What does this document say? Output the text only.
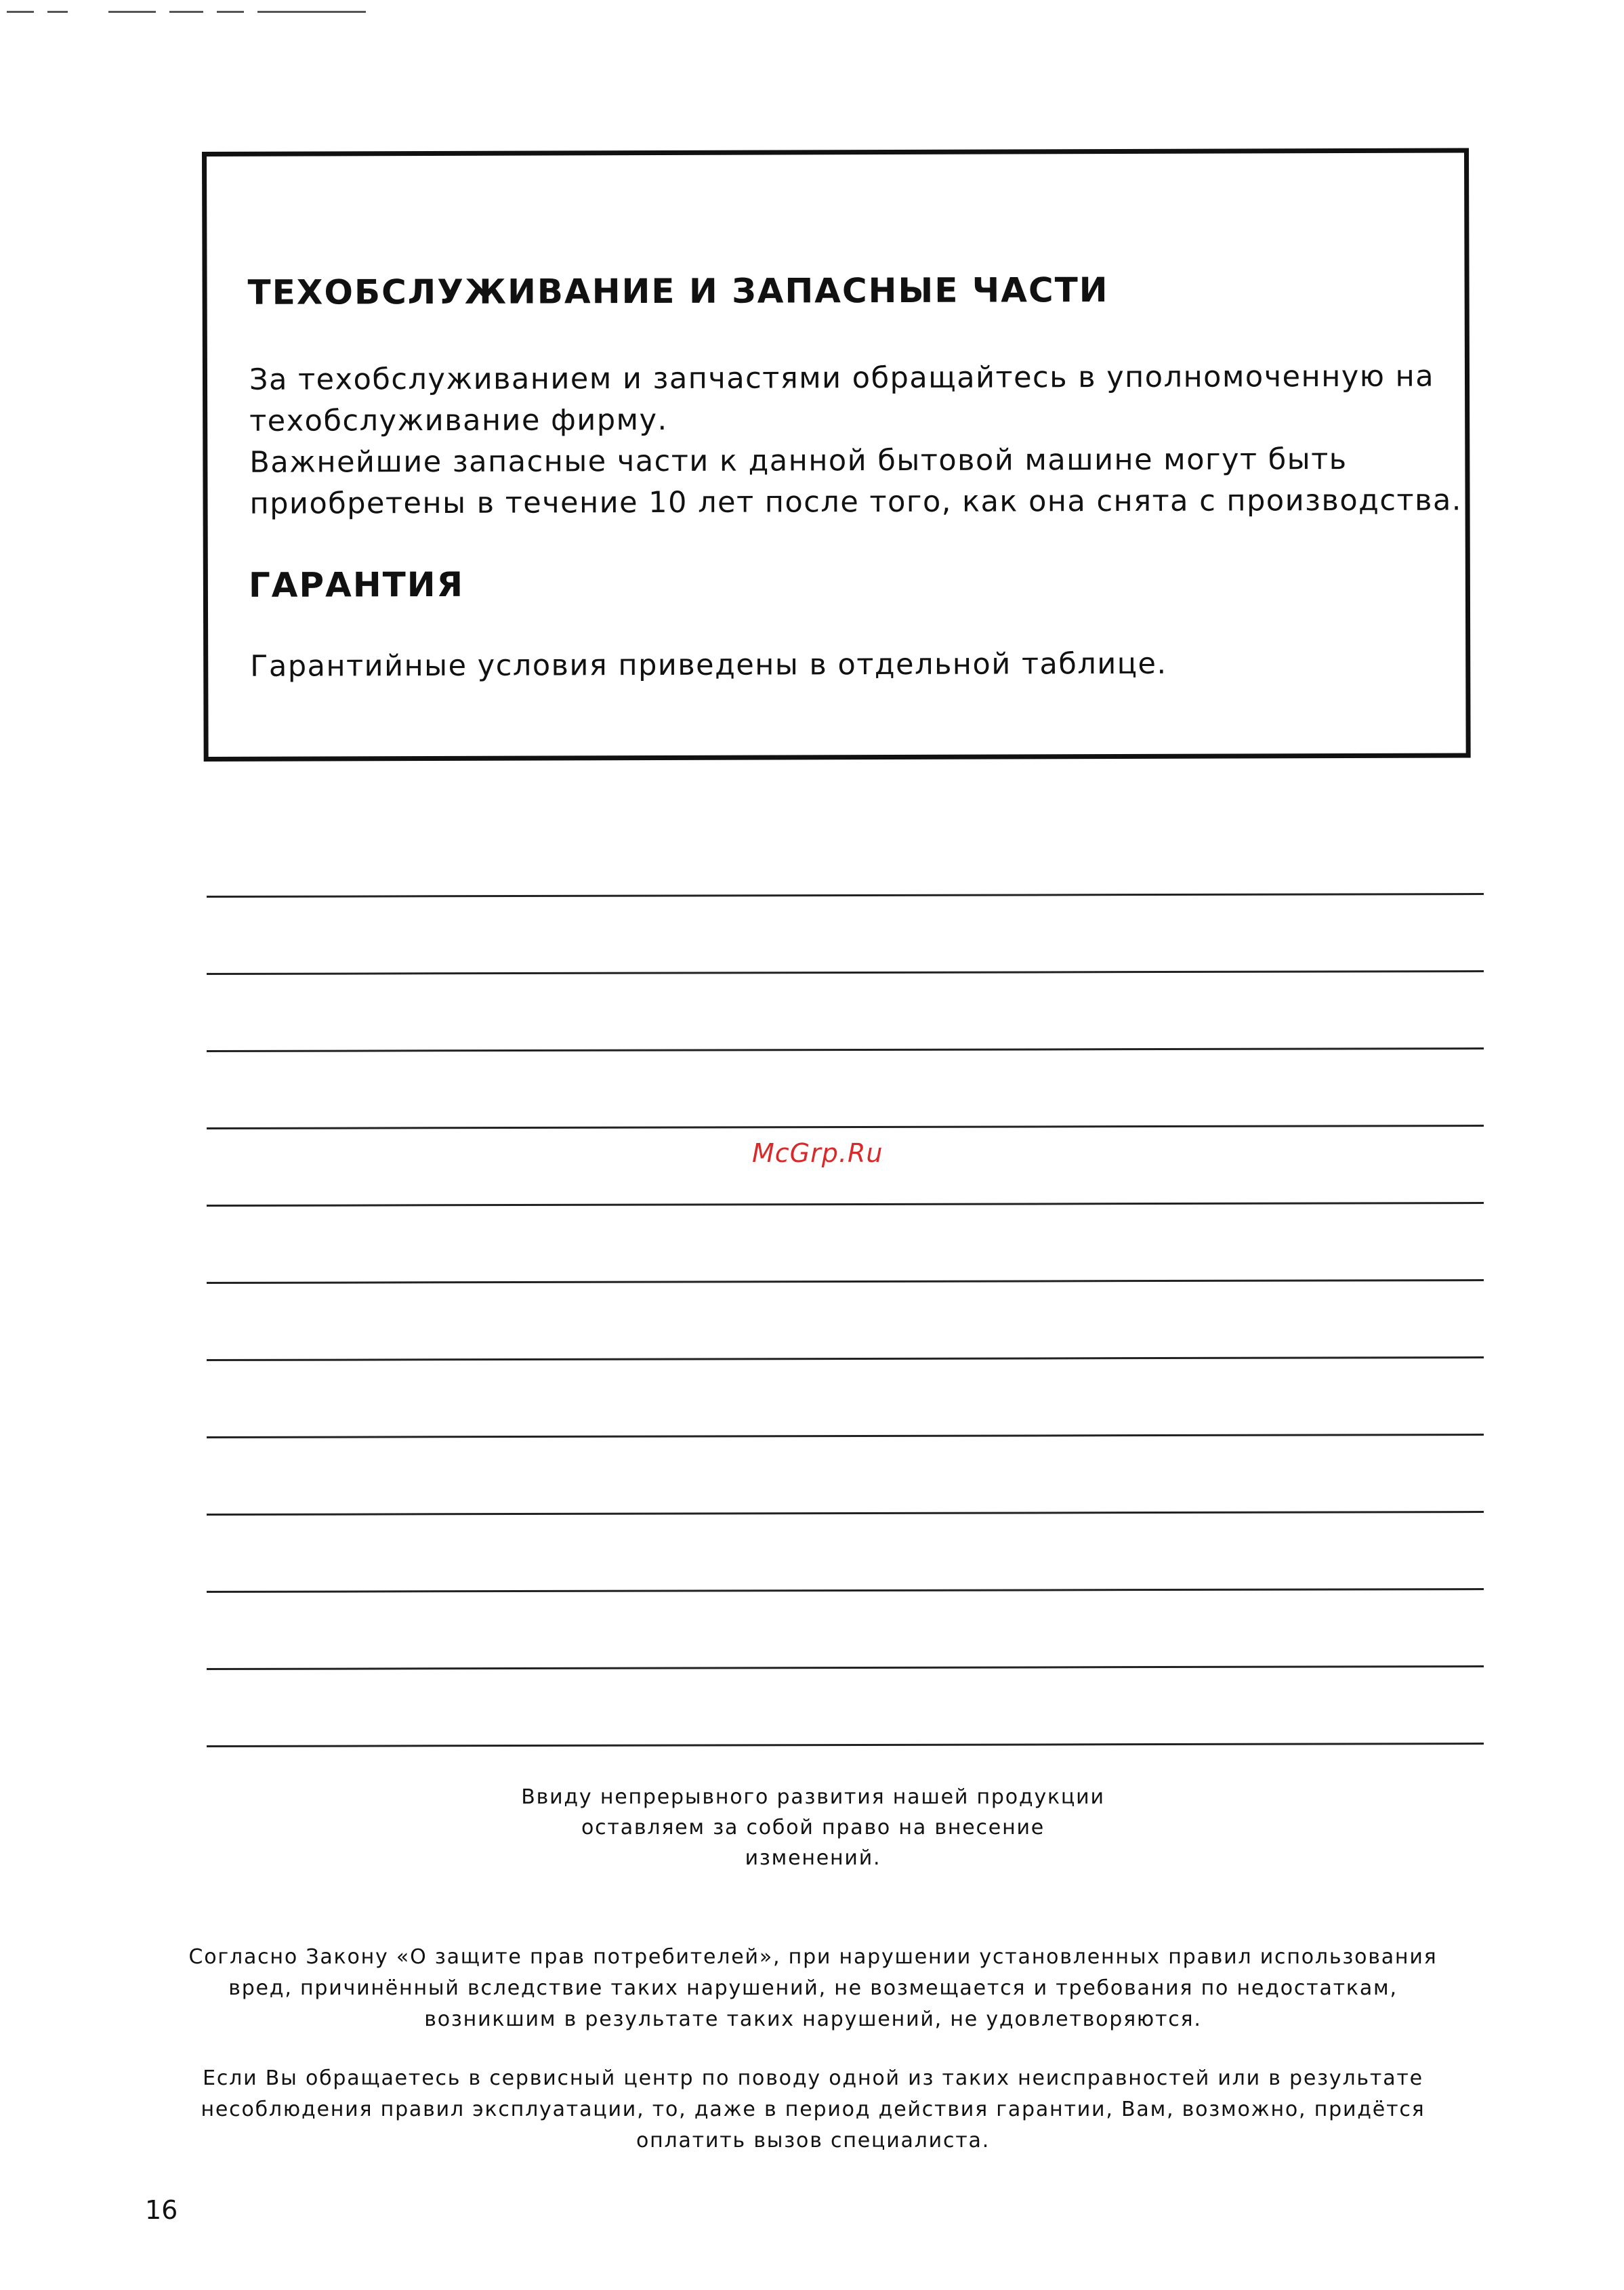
ТЕХОБСЛУЖИВАНИЕ И ЗАПАСНЫЕ ЧАСТИ

За техобслуживанием и запчастями обращайтесь в уполномоченную на
техобслуживание фирму.
Важнейшие запасные части к данной бытовой машине могут быть
приобретены в течение 10 лет после того, как она снята с производства.

ГАРАНТИЯ

Гарантийные условия приведены в отдельной таблице.

McGrp.Ru

Ввиду непрерывного развития нашей продукции
оставляем за собой право на внесение
изменений.

Согласно Закону «О защите прав потребителей», при нарушении установленных правил использования
вред, причинённый вследствие таких нарушений, не возмещается и требования по недостаткам,
возникшим в результате таких нарушений, не удовлетворяются.

Если Вы обращаетесь в сервисный центр по поводу одной из таких неисправностей или в результате
несоблюдения правил эксплуатации, то, даже в период действия гарантии, Вам, возможно, придётся
оплатить вызов специалиста.

16
